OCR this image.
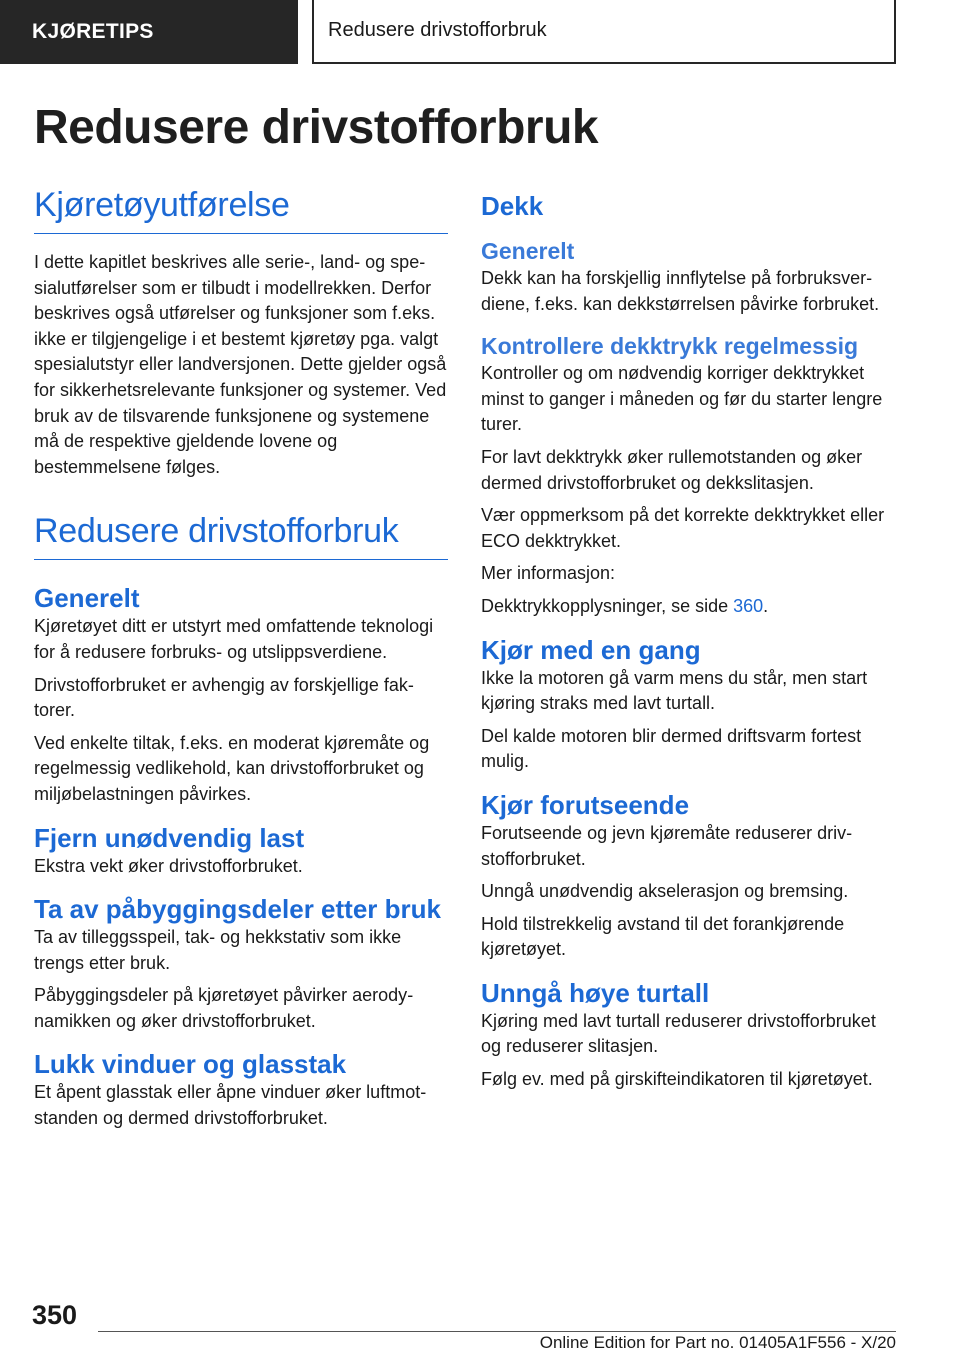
KJØRETIPS	Redusere drivstofforbruk
Redusere drivstofforbruk
Kjøretøyutførelse

I dette kapitlet beskrives alle serie-, land- og spesialutførelser som er tilbudt i modellrekken. Derfor beskrives også utførelser og funksjoner som f.eks. ikke er tilgjengelige i et bestemt kjøretøy pga. valgt spesialutstyr eller landversjonen. Dette gjelder også for sikkerhetsrelevante funksjoner og systemer. Ved bruk av de tilsvarende funksjonene og systemene må de respektive gjeldende lovene og bestemmelsene følges.

Redusere drivstofforbruk
Generelt

Kjøretøyet ditt er utstyrt med omfattende teknologi for å redusere forbruks- og utslippsverdiene.

Drivstofforbruket er avhengig av forskjellige faktorer.

Ved enkelte tiltak, f.eks. en moderat kjøremåte og regelmessig vedlikehold, kan drivstofforbruket og miljøbelastningen påvirkes.

Fjern unødvendig last

Ekstra vekt øker drivstofforbruket.

Ta av påbyggingsdeler etter bruk

Ta av tilleggsspeil, tak- og hekkstativ som ikke trengs etter bruk.

Påbyggingsdeler på kjøretøyet påvirker aerodynamikken og øker drivstofforbruket.

Lukk vinduer og glasstak

Et åpent glasstak eller åpne vinduer øker luftmotstanden og dermed drivstofforbruket.

Dekk
Generelt

Dekk kan ha forskjellig innflytelse på forbruksverdiene, f.eks. kan dekkstørrelsen påvirke forbruket.

Kontrollere dekktrykk regelmessig

Kontroller og om nødvendig korriger dekktrykket minst to ganger i måneden og før du starter lengre turer.

For lavt dekktrykk øker rullemotstanden og øker dermed drivstofforbruket og dekkslitasjen.

Vær oppmerksom på det korrekte dekktrykket eller ECO dekktrykket.

Mer informasjon:

Dekktrykkopplysninger, se side 360.

Kjør med en gang

Ikke la motoren gå varm mens du står, men start kjøring straks med lavt turtall.

Del kalde motoren blir dermed driftsvarm fortest mulig.

Kjør forutseende

Forutseende og jevn kjøremåte reduserer drivstofforbruket.

Unngå unødvendig akselerasjon og bremsing.

Hold tilstrekkelig avstand til det forankjørende kjøretøyet.

Unngå høye turtall

Kjøring med lavt turtall reduserer drivstofforbruket og reduserer slitasjen.

Følg ev. med på girskifteindikatoren til kjøretøyet.

350
Online Edition for Part no. 01405A1F556 - X/20
